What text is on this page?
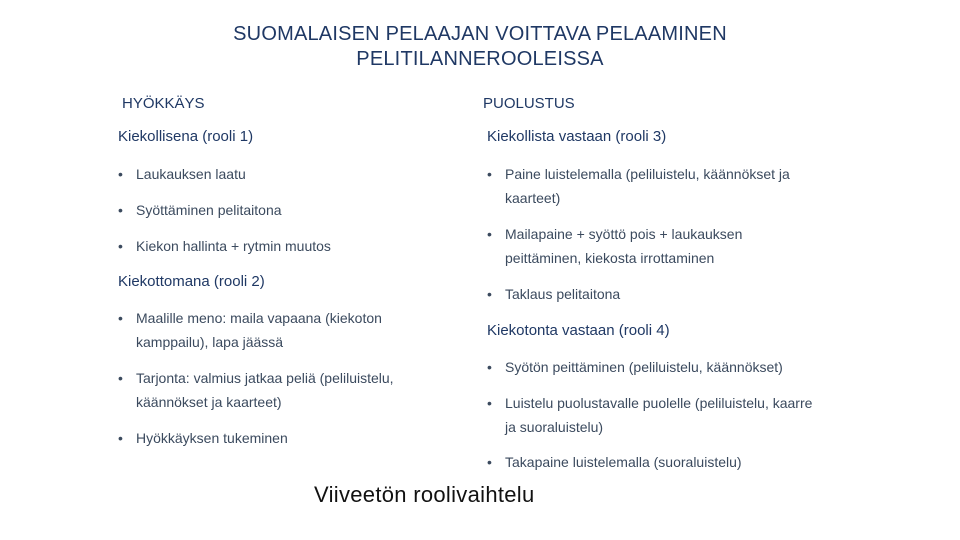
SUOMALAISEN PELAAJAN VOITTAVA PELAAMINEN
PELITILANNEROOLEISSA
HYÖKKÄYS
Kiekollisena (rooli 1)
• Laukauksen laatu
• Syöttäminen pelitaitona
• Kiekon hallinta + rytmin muutos
Kiekottomana (rooli 2)
• Maalille meno: maila vapaana (kiekoton kamppailu), lapa jäässä
• Tarjonta: valmius jatkaa peliä (peliluistelu, käännökset ja kaarteet)
• Hyökkäyksen tukeminen
PUOLUSTUS
Kiekollista vastaan (rooli 3)
• Paine luistelemalla (peliluistelu, käännökset ja kaarteet)
• Mailapaine + syöttö pois + laukauksen peittäminen, kiekosta irrottaminen
• Taklaus pelitaitona
Kiekotonta vastaan (rooli 4)
• Syötön peittäminen (peliluistelu, käännökset)
• Luistelu puolustavalle puolelle (peliluistelu, kaarre ja suoraluistelu)
• Takapaine luistelemalla (suoraluistelu)
Viiveetön roolivaihtelu
